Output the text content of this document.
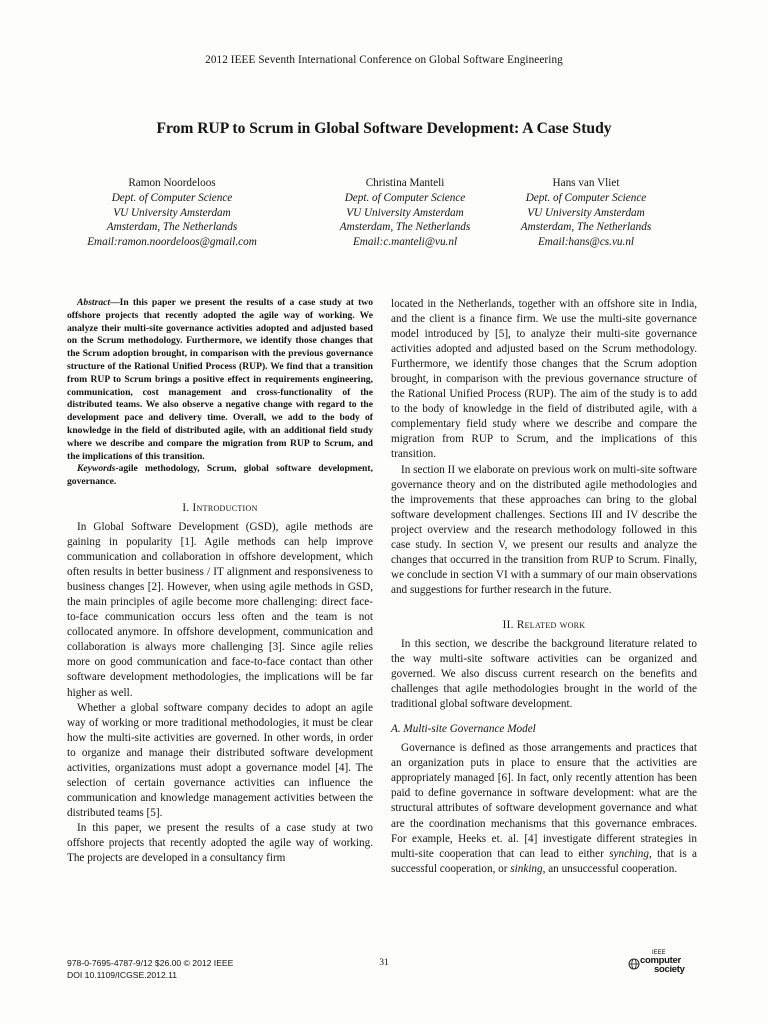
2012 IEEE Seventh International Conference on Global Software Engineering
From RUP to Scrum in Global Software Development: A Case Study
Ramon Noordeloos
Dept. of Computer Science
VU University Amsterdam
Amsterdam, The Netherlands
Email:ramon.noordeloos@gmail.com
Christina Manteli
Dept. of Computer Science
VU University Amsterdam
Amsterdam, The Netherlands
Email:c.manteli@vu.nl
Hans van Vliet
Dept. of Computer Science
VU University Amsterdam
Amsterdam, The Netherlands
Email:hans@cs.vu.nl

Abstract—In this paper we present the results of a case study at two offshore projects that recently adopted the agile way of working. We analyze their multi-site governance activities adopted and adjusted based on the Scrum methodology. Furthermore, we identify those changes that the Scrum adoption brought, in comparison with the previous governance structure of the Rational Unified Process (RUP). We find that a transition from RUP to Scrum brings a positive effect in requirements engineering, communication, cost management and cross-functionality of the distributed teams. We also observe a negative change with regard to the development pace and delivery time. Overall, we add to the body of knowledge in the field of distributed agile, with an additional field study where we describe and compare the migration from RUP to Scrum, and the implications of this transition.

Keywords-agile methodology, Scrum, global software development, governance.

I. Introduction

In Global Software Development (GSD), agile methods are gaining in popularity [1]. Agile methods can help improve communication and collaboration in offshore development, which often results in better business / IT alignment and responsiveness to business changes [2]. However, when using agile methods in GSD, the main principles of agile become more challenging: direct face-to-face communication occurs less often and the team is not collocated anymore. In offshore development, communication and collaboration is always more challenging [3]. Since agile relies more on good communication and face-to-face contact than other software development methodologies, the implications will be far higher as well.

Whether a global software company decides to adopt an agile way of working or more traditional methodologies, it must be clear how the multi-site activities are governed. In other words, in order to organize and manage their distributed software development activities, organizations must adopt a governance model [4]. The selection of certain governance activities can influence the communication and knowledge management activities between the distributed teams [5].

In this paper, we present the results of a case study at two offshore projects that recently adopted the agile way of working. The projects are developed in a consultancy firm

located in the Netherlands, together with an offshore site in India, and the client is a finance firm. We use the multi-site governance model introduced by [5], to analyze their multi-site governance activities adopted and adjusted based on the Scrum methodology. Furthermore, we identify those changes that the Scrum adoption brought, in comparison with the previous governance structure of the Rational Unified Process (RUP). The aim of the study is to add to the body of knowledge in the field of distributed agile, with a complementary field study where we describe and compare the migration from RUP to Scrum, and the implications of this transition.

In section II we elaborate on previous work on multi-site software governance theory and on the distributed agile methodologies and the improvements that these approaches can bring to the global software development challenges. Sections III and IV describe the project overview and the research methodology followed in this case study. In section V, we present our results and analyze the changes that occurred in the transition from RUP to Scrum. Finally, we conclude in section VI with a summary of our main observations and suggestions for further research in the future.

II. Related work

In this section, we describe the background literature related to the way multi-site software activities can be organized and governed. We also discuss current research on the benefits and challenges that agile methodologies brought in the world of the traditional global software development.

A. Multi-site Governance Model

Governance is defined as those arrangements and practices that an organization puts in place to ensure that the activities are appropriately managed [6]. In fact, only recently attention has been paid to define governance in software development: what are the structural attributes of software development governance and what are the coordination mechanisms that this governance embraces. For example, Heeks et. al. [4] investigate different strategies in multi-site cooperation that can lead to either synching, that is a successful cooperation, or sinking, an unsuccessful cooperation.

978-0-7695-4787-9/12 $26.00 © 2012 IEEE
DOI 10.1109/ICGSE.2012.11
31
IEEE
computer
society
